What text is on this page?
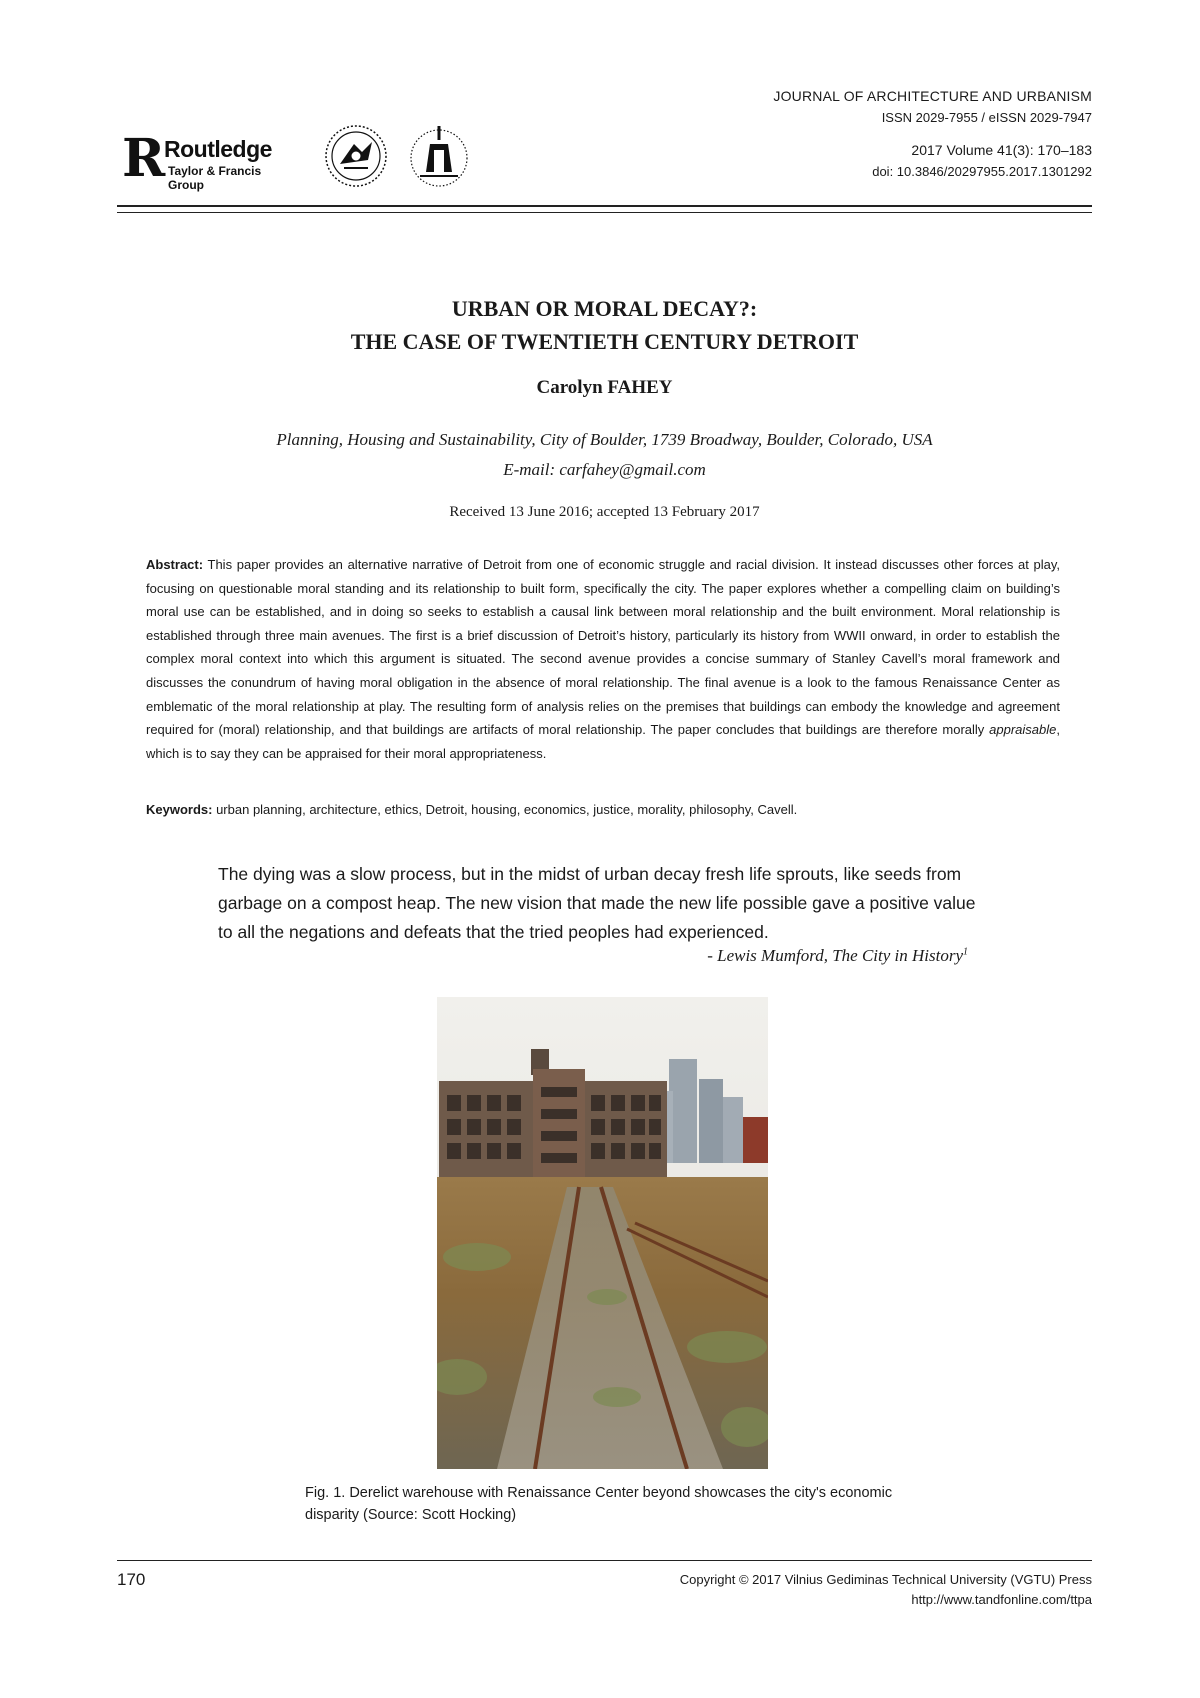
R
Routledge
Taylor & Francis Group
JOURNAL OF ARCHITECTURE AND URBANISM
ISSN 2029-7955 / eISSN 2029-7947
2017 Volume 41(3): 170–183
doi: 10.3846/20297955.2017.1301292
URBAN OR MORAL DECAY?:
THE CASE OF TWENTIETH CENTURY DETROIT
Carolyn FAHEY
Planning, Housing and Sustainability, City of Boulder, 1739 Broadway, Boulder, Colorado, USA
E-mail: carfahey@gmail.com
Received 13 June 2016; accepted 13 February 2017
Abstract: This paper provides an alternative narrative of Detroit from one of economic struggle and racial division. It instead discusses other forces at play, focusing on questionable moral standing and its relationship to built form, specifically the city. The paper explores whether a compelling claim on building’s moral use can be established, and in doing so seeks to establish a causal link between moral relationship and the built environment. Moral relationship is established through three main avenues. The first is a brief discussion of Detroit’s history, particularly its history from WWII onward, in order to establish the complex moral context into which this argument is situated. The second avenue provides a concise summary of Stanley Cavell’s moral framework and discusses the conundrum of having moral obligation in the absence of moral relationship. The final avenue is a look to the famous Renaissance Center as emblematic of the moral relationship at play. The resulting form of analysis relies on the premises that buildings can embody the knowledge and agreement required for (moral) relationship, and that buildings are artifacts of moral relationship. The paper concludes that buildings are therefore morally appraisable, which is to say they can be appraised for their moral appropriateness.
Keywords: urban planning, architecture, ethics, Detroit, housing, economics, justice, morality, philosophy, Cavell.
The dying was a slow process, but in the midst of urban decay fresh life sprouts, like seeds from garbage on a compost heap. The new vision that made the new life possible gave a positive value to all the negations and defeats that the tried peoples had experienced.
- Lewis Mumford, The City in History$^1$
Fig. 1. Derelict warehouse with Renaissance Center beyond showcases the city's economic disparity (Source: Scott Hocking)
170	Copyright © 2017 Vilnius Gediminas Technical University (VGTU) Press
http://www.tandfonline.com/ttpa
